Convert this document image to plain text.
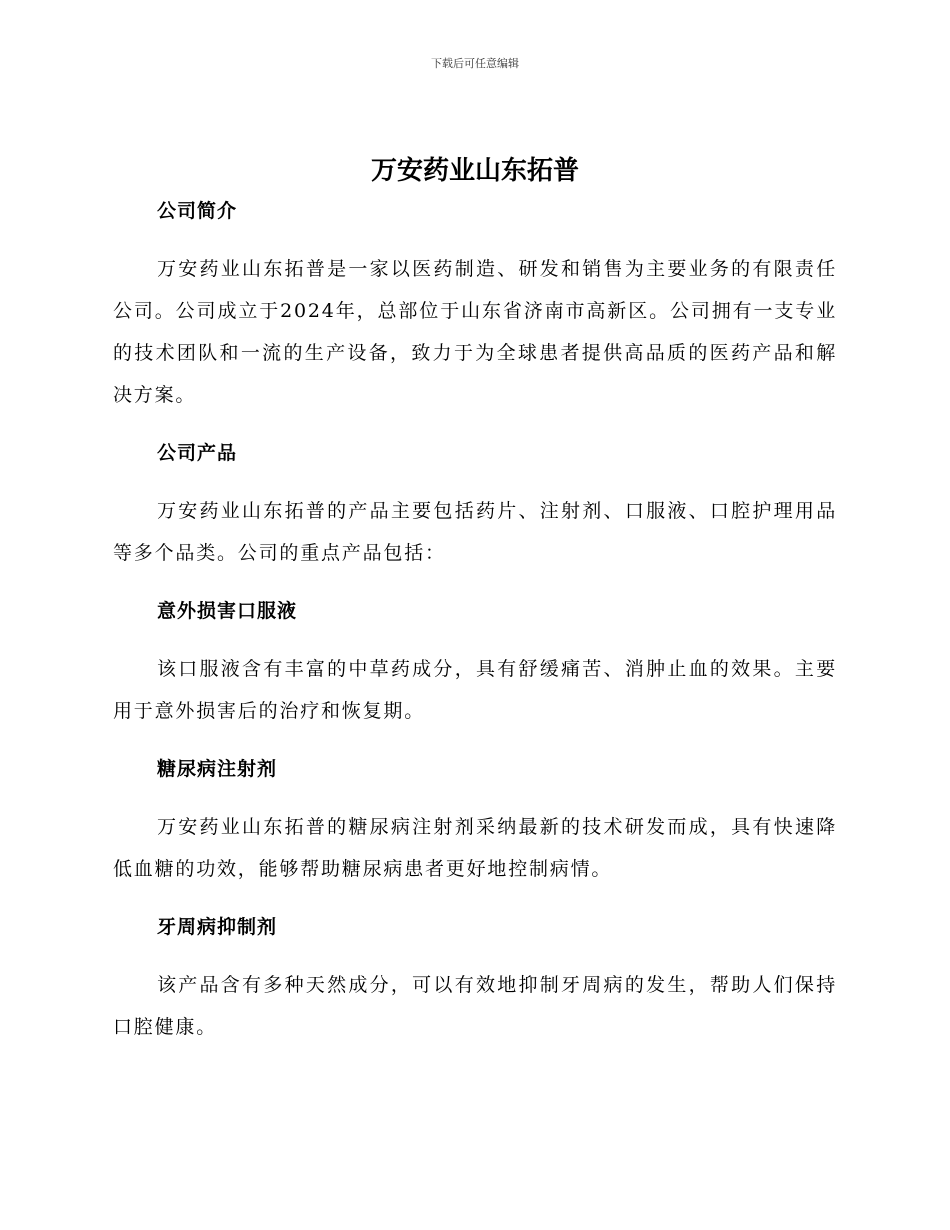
下载后可任意编辑
万安药业山东拓普
公司简介

万安药业山东拓普是一家以医药制造、研发和销售为主要业务的有限责任公司。公司成立于2024年，总部位于山东省济南市高新区。公司拥有一支专业的技术团队和一流的生产设备，致力于为全球患者提供高品质的医药产品和解决方案。

公司产品

万安药业山东拓普的产品主要包括药片、注射剂、口服液、口腔护理用品等多个品类。公司的重点产品包括：

意外损害口服液

该口服液含有丰富的中草药成分，具有舒缓痛苦、消肿止血的效果。主要用于意外损害后的治疗和恢复期。

糖尿病注射剂

万安药业山东拓普的糖尿病注射剂采纳最新的技术研发而成，具有快速降低血糖的功效，能够帮助糖尿病患者更好地控制病情。

牙周病抑制剂

该产品含有多种天然成分，可以有效地抑制牙周病的发生，帮助人们保持口腔健康。
